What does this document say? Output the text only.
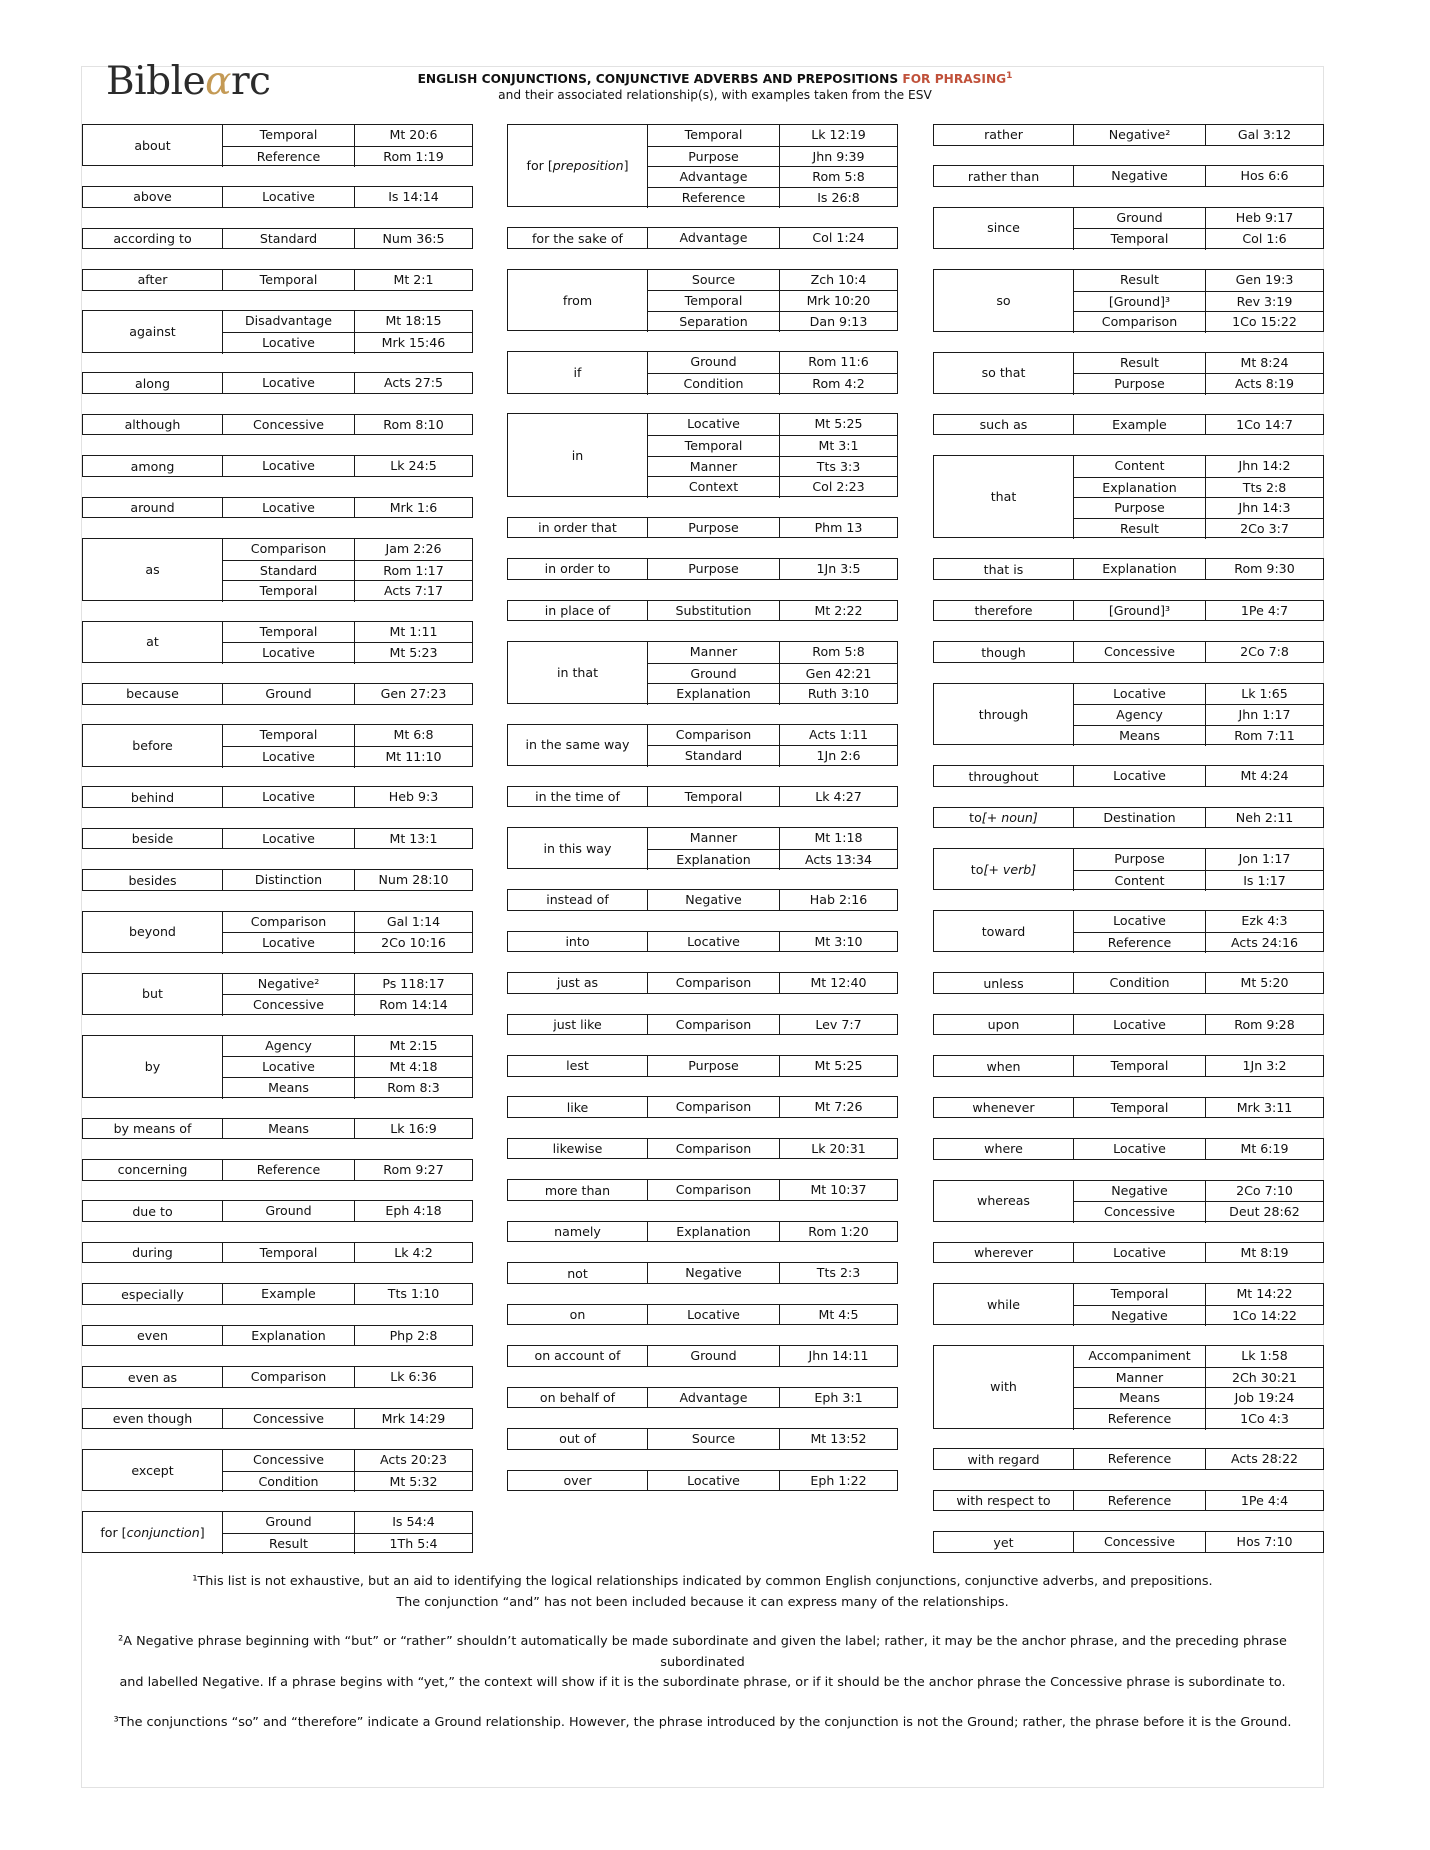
Bibleαrc	ENGLISH CONJUNCTIONS, CONJUNCTIVE ADVERBS AND PREPOSITIONS FOR PHRASING$^1$
and their associated relationship(s), with examples taken from the ESV
about
Temporal	Mt 20:6
Reference	Rom 1:19
above	Locative	Is 14:14
according to	Standard	Num 36:5
after	Temporal	Mt 2:1
against
Disadvantage	Mt 18:15
Locative	Mrk 15:46
along	Locative	Acts 27:5
although	Concessive	Rom 8:10
among	Locative	Lk 24:5
around	Locative	Mrk 1:6
as
Comparison	Jam 2:26
Standard	Rom 1:17
Temporal	Acts 7:17
at
Temporal	Mt 1:11
Locative	Mt 5:23
because	Ground	Gen 27:23
before
Temporal	Mt 6:8
Locative	Mt 11:10
behind	Locative	Heb 9:3
beside	Locative	Mt 13:1
besides	Distinction	Num 28:10
beyond
Comparison	Gal 1:14
Locative	2Co 10:16
but
Negative²	Ps 118:17
Concessive	Rom 14:14
by
Agency	Mt 2:15
Locative	Mt 4:18
Means	Rom 8:3
by means of	Means	Lk 16:9
concerning	Reference	Rom 9:27
due to	Ground	Eph 4:18
during	Temporal	Lk 4:2
especially	Example	Tts 1:10
even	Explanation	Php 2:8
even as	Comparison	Lk 6:36
even though	Concessive	Mrk 14:29
except
Concessive	Acts 20:23
Condition	Mt 5:32
for [ conjunction ]
Ground	Is 54:4
Result	1Th 5:4
for [ preposition ]
Temporal	Lk 12:19
Purpose	Jhn 9:39
Advantage	Rom 5:8
Reference	Is 26:8
for the sake of	Advantage	Col 1:24
from
Source	Zch 10:4
Temporal	Mrk 10:20
Separation	Dan 9:13
if
Ground	Rom 11:6
Condition	Rom 4:2
in
Locative	Mt 5:25
Temporal	Mt 3:1
Manner	Tts 3:3
Context	Col 2:23
in order that	Purpose	Phm 13
in order to	Purpose	1Jn 3:5
in place of	Substitution	Mt 2:22
in that
Manner	Rom 5:8
Ground	Gen 42:21
Explanation	Ruth 3:10
in the same way
Comparison	Acts 1:11
Standard	1Jn 2:6
in the time of	Temporal	Lk 4:27
in this way
Manner	Mt 1:18
Explanation	Acts 13:34
instead of	Negative	Hab 2:16
into	Locative	Mt 3:10
just as	Comparison	Mt 12:40
just like	Comparison	Lev 7:7
lest	Purpose	Mt 5:25
like	Comparison	Mt 7:26
likewise	Comparison	Lk 20:31
more than	Comparison	Mt 10:37
namely	Explanation	Rom 1:20
not	Negative	Tts 2:3
on	Locative	Mt 4:5
on account of	Ground	Jhn 14:11
on behalf of	Advantage	Eph 3:1
out of	Source	Mt 13:52
over	Locative	Eph 1:22
rather	Negative²	Gal 3:12
rather than	Negative	Hos 6:6
since
Ground	Heb 9:17
Temporal	Col 1:6
so
Result	Gen 19:3
[Ground]³	Rev 3:19
Comparison	1Co 15:22
so that
Result	Mt 8:24
Purpose	Acts 8:19
such as	Example	1Co 14:7
that
Content	Jhn 14:2
Explanation	Tts 2:8
Purpose	Jhn 14:3
Result	2Co 3:7
that is	Explanation	Rom 9:30
therefore	[Ground]³	1Pe 4:7
though	Concessive	2Co 7:8
through
Locative	Lk 1:65
Agency	Jhn 1:17
Means	Rom 7:11
throughout	Locative	Mt 4:24
to [+ noun]	Destination	Neh 2:11
to [+ verb]
Purpose	Jon 1:17
Content	Is 1:17
toward
Locative	Ezk 4:3
Reference	Acts 24:16
unless	Condition	Mt 5:20
upon	Locative	Rom 9:28
when	Temporal	1Jn 3:2
whenever	Temporal	Mrk 3:11
where	Locative	Mt 6:19
whereas
Negative	2Co 7:10
Concessive	Deut 28:62
wherever	Locative	Mt 8:19
while
Temporal	Mt 14:22
Negative	1Co 14:22
with
Accompaniment	Lk 1:58
Manner	2Ch 30:21
Means	Job 19:24
Reference	1Co 4:3
with regard	Reference	Acts 28:22
with respect to	Reference	1Pe 4:4
yet	Concessive	Hos 7:10

¹This list is not exhaustive, but an aid to identifying the logical relationships indicated by common English conjunctions, conjunctive adverbs, and prepositions.

The conjunction “and” has not been included because it can express many of the relationships.

²A Negative phrase beginning with “but” or “rather” shouldn’t automatically be made subordinate and given the label; rather, it may be the anchor phrase, and the preceding phrase subordinated

and labelled Negative. If a phrase begins with “yet,” the context will show if it is the subordinate phrase, or if it should be the anchor phrase the Concessive phrase is subordinate to.

³The conjunctions “so” and “therefore” indicate a Ground relationship. However, the phrase introduced by the conjunction is not the Ground; rather, the phrase before it is the Ground.
